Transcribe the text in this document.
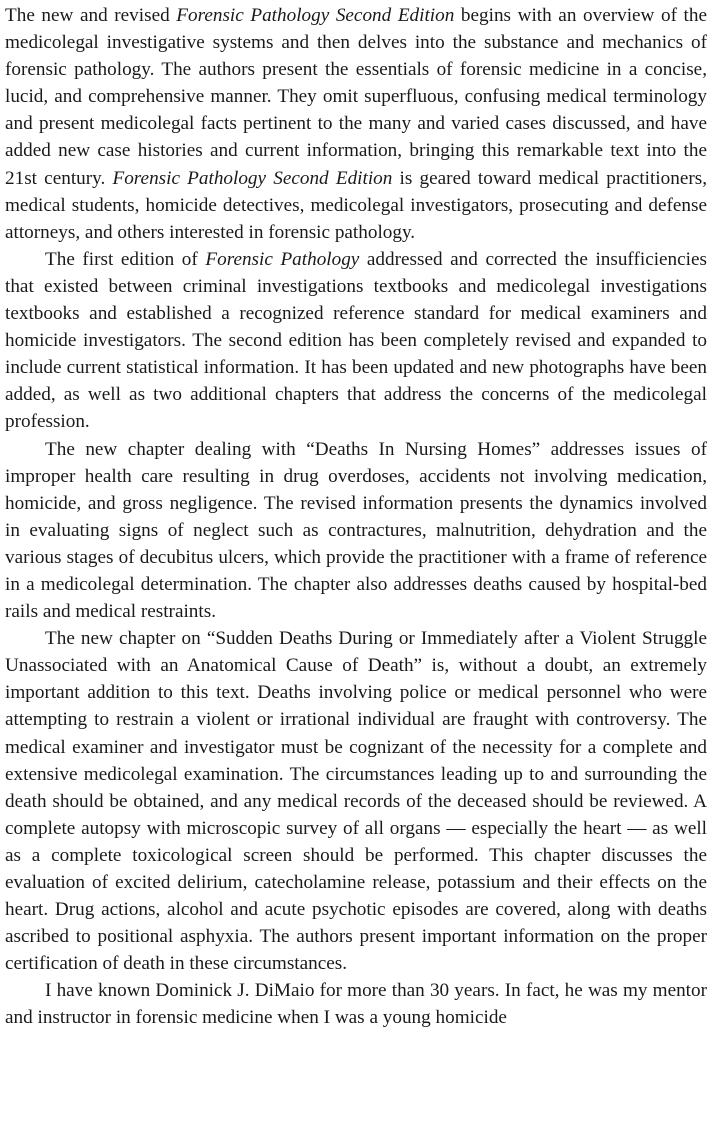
The new and revised Forensic Pathology Second Edition begins with an overview of the medicolegal investigative systems and then delves into the substance and mechanics of forensic pathology. The authors present the essentials of forensic medicine in a concise, lucid, and comprehensive manner. They omit superfluous, confusing medical terminology and present medicolegal facts pertinent to the many and varied cases discussed, and have added new case histories and current information, bringing this remarkable text into the 21st century. Forensic Pathology Second Edition is geared toward medical practitioners, medical students, homicide detectives, medicolegal investigators, prosecuting and defense attorneys, and others interested in forensic pathology.

The first edition of Forensic Pathology addressed and corrected the insufficiencies that existed between criminal investigations textbooks and medicolegal investigations textbooks and established a recognized reference standard for medical examiners and homicide investigators. The second edition has been completely revised and expanded to include current statistical information. It has been updated and new photographs have been added, as well as two additional chapters that address the concerns of the medicolegal profession.

The new chapter dealing with “Deaths In Nursing Homes” addresses issues of improper health care resulting in drug overdoses, accidents not involving medication, homicide, and gross negligence. The revised information presents the dynamics involved in evaluating signs of neglect such as contractures, malnutrition, dehydration and the various stages of decubitus ulcers, which provide the practitioner with a frame of reference in a medicolegal determination. The chapter also addresses deaths caused by hospital-bed rails and medical restraints.

The new chapter on “Sudden Deaths During or Immediately after a Violent Struggle Unassociated with an Anatomical Cause of Death” is, without a doubt, an extremely important addition to this text. Deaths involving police or medical personnel who were attempting to restrain a violent or irrational individual are fraught with controversy. The medical examiner and investigator must be cognizant of the necessity for a complete and extensive medicolegal examination. The circumstances leading up to and surrounding the death should be obtained, and any medical records of the deceased should be reviewed. A complete autopsy with microscopic survey of all organs — especially the heart — as well as a complete toxicological screen should be performed. This chapter discusses the evaluation of excited delirium, catecholamine release, potassium and their effects on the heart. Drug actions, alcohol and acute psychotic episodes are covered, along with deaths ascribed to positional asphyxia. The authors present important information on the proper certification of death in these circumstances.

I have known Dominick J. DiMaio for more than 30 years. In fact, he was my mentor and instructor in forensic medicine when I was a young homicide
